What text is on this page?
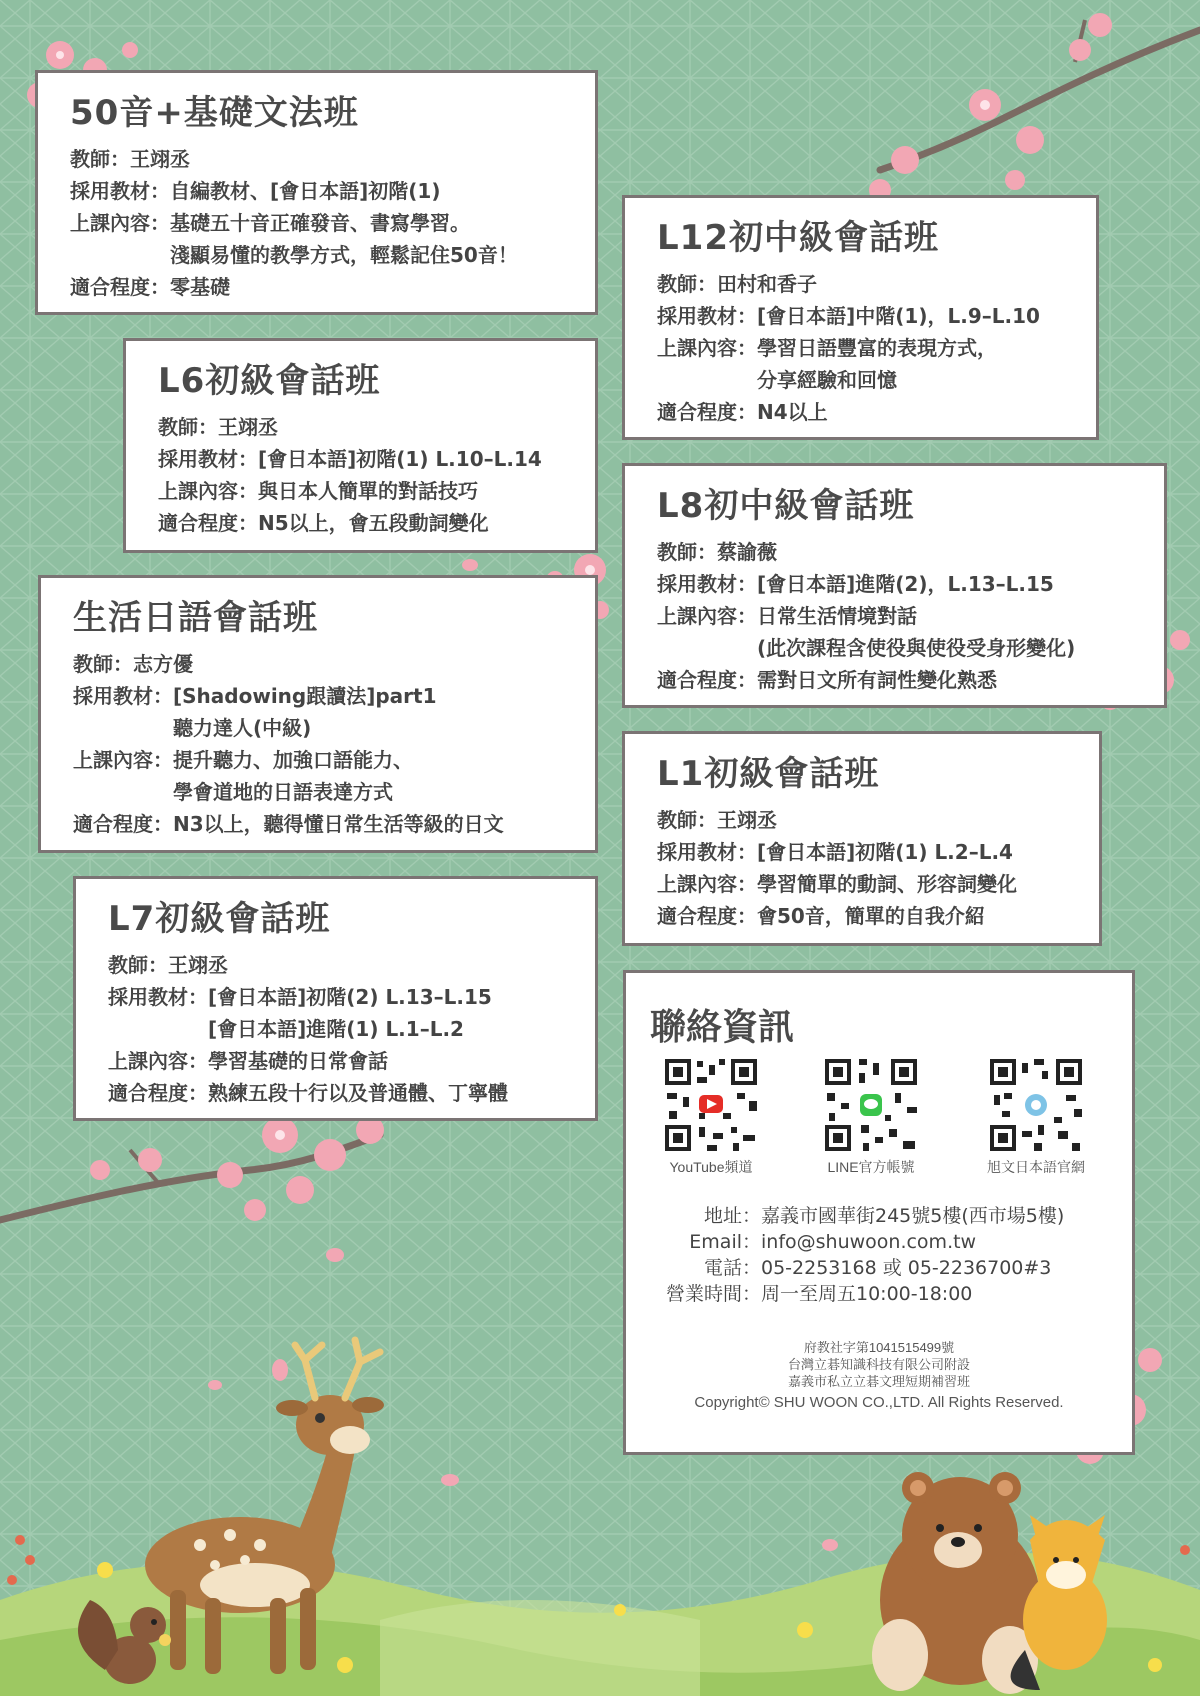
50音+基礎文法班
教師： 王翊丞
採用教材： 自編教材、[會日本語]初階(1)
上課內容： 基礎五十音正確發音、書寫學習。
淺顯易懂的教學方式，輕鬆記住50音！
適合程度： 零基礎
L6初級會話班
教師： 王翊丞
採用教材： [會日本語]初階(1) L.10–L.14
上課內容： 與日本人簡單的對話技巧
適合程度： N5以上，會五段動詞變化
生活日語會話班
教師： 志方優
採用教材： [Shadowing跟讀法]part1
聽力達人(中級)
上課內容： 提升聽力、加強口語能力、
學會道地的日語表達方式
適合程度： N3以上，聽得懂日常生活等級的日文
L7初級會話班
教師： 王翊丞
採用教材： [會日本語]初階(2) L.13–L.15
[會日本語]進階(1) L.1–L.2
上課內容： 學習基礎的日常會話
適合程度： 熟練五段十行以及普通體、丁寧體
L12初中級會話班
教師： 田村和香子
採用教材： [會日本語]中階(1)，L.9–L.10
上課內容： 學習日語豐富的表現方式，
分享經驗和回憶
適合程度： N4以上
L8初中級會話班
教師： 蔡諭薇
採用教材： [會日本語]進階(2)，L.13–L.15
上課內容： 日常生活情境對話
(此次課程含使役與使役受身形變化)
適合程度： 需對日文所有詞性變化熟悉
L1初級會話班
教師： 王翊丞
採用教材： [會日本語]初階(1) L.2–L.4
上課內容： 學習簡單的動詞、形容詞變化
適合程度： 會50音，簡單的自我介紹
聯絡資訊
YouTube頻道	LINE官方帳號	旭文日本語官網
地址： 嘉義市國華街245號5樓(西市場5樓)
Email： info@shuwoon.com.tw
電話： 05-2253168 或 05-2236700#3
營業時間： 周一至周五10:00-18:00
府教社字第1041515499號
台灣立碁知識科技有限公司附設
嘉義市私立立碁文理短期補習班
Copyright© SHU WOON CO.,LTD. All Rights Reserved.
